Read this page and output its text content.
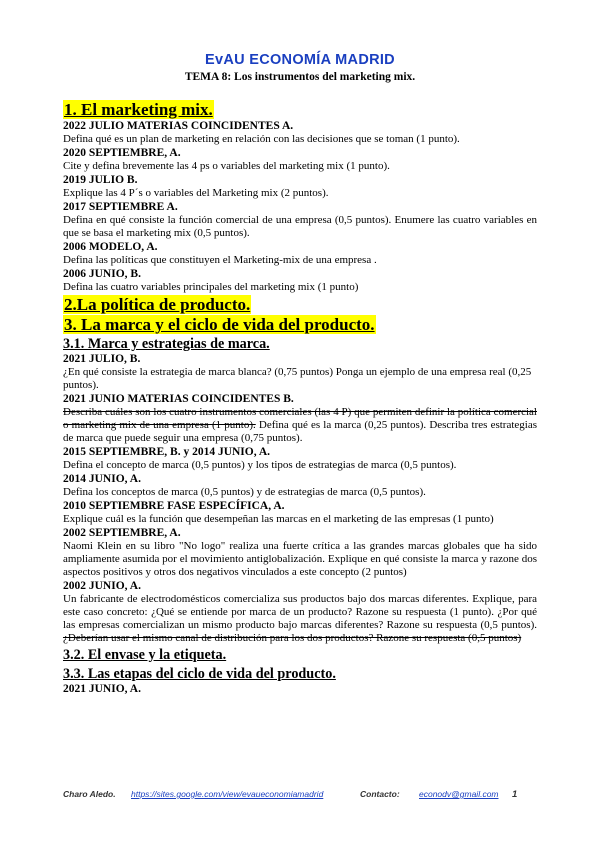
EvAU ECONOMÍA MADRID
TEMA 8: Los instrumentos del marketing mix.
1. El marketing mix.
2022 JULIO MATERIAS COINCIDENTES A.
Defina qué es un plan de marketing en relación con las decisiones que se toman (1 punto).
2020 SEPTIEMBRE, A.
Cite y defina brevemente las 4 ps o variables del marketing mix (1 punto).
2019 JULIO B.
Explique las 4 P´s o variables del Marketing mix (2 puntos).
2017 SEPTIEMBRE A.
Defina en qué consiste la función comercial de una empresa (0,5 puntos). Enumere las cuatro variables en que se basa el marketing mix (0,5 puntos).
2006 MODELO, A.
Defina las políticas que constituyen el Marketing-mix de una empresa .
2006 JUNIO, B.
Defina las cuatro variables principales del marketing mix (1 punto)
2.La política de producto.
3. La marca y el ciclo de vida del producto.
3.1. Marca y estrategias de marca.
2021 JULIO, B.
¿En qué consiste la estrategia de marca blanca? (0,75 puntos) Ponga un ejemplo de una empresa real (0,25 puntos).
2021 JUNIO MATERIAS COINCIDENTES B.
Describa cuáles son los cuatro instrumentos comerciales (las 4 P) que permiten definir la política comercial o marketing mix de una empresa (1 punto). Defina qué es la marca (0,25 puntos). Describa tres estrategias de marca que puede seguir una empresa (0,75 puntos).
2015 SEPTIEMBRE, B. y 2014 JUNIO, A.
Defina el concepto de marca (0,5 puntos) y los tipos de estrategias de marca (0,5 puntos).
2014 JUNIO, A.
Defina los conceptos de marca (0,5 puntos) y de estrategias de marca (0,5 puntos).
2010 SEPTIEMBRE FASE ESPECÍFICA, A.
Explique cuál es la función que desempeñan las marcas en el marketing de las empresas (1 punto)
2002 SEPTIEMBRE, A.
Naomi Klein en su libro "No logo" realiza una fuerte crítica a las grandes marcas globales que ha sido ampliamente asumida por el movimiento antiglobalización. Explique en qué consiste la marca y razone dos aspectos positivos y otros dos negativos vinculados a este concepto (2 puntos)
2002 JUNIO, A.
Un fabricante de electrodomésticos comercializa sus productos bajo dos marcas diferentes. Explique, para este caso concreto: ¿Qué se entiende por marca de un producto? Razone su respuesta (1 punto). ¿Por qué las empresas comercializan un mismo producto bajo marcas diferentes? Razone su respuesta (0,5 puntos). ¿Deberían usar el mismo canal de distribución para los dos productos? Razone su respuesta (0,5 puntos)
3.2. El envase y la etiqueta.
3.3. Las etapas del ciclo de vida del producto.
2021 JUNIO, A.
Charo Aledo. https://sites.google.com/view/evaueconomiamadrid	Contacto: econodv@gmail.com 1
